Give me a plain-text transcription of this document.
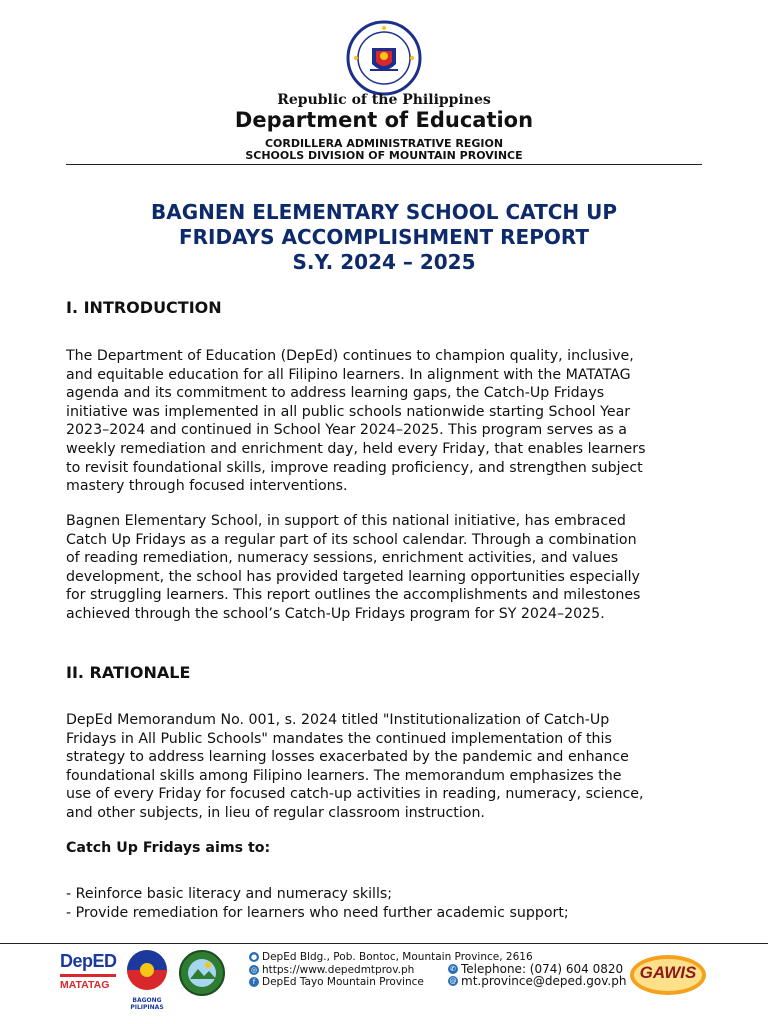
Republic of the Philippines
Department of Education
CORDILLERA ADMINISTRATIVE REGION
SCHOOLS DIVISION OF MOUNTAIN PROVINCE
BAGNEN ELEMENTARY SCHOOL CATCH UP
FRIDAYS ACCOMPLISHMENT REPORT
S.Y. 2024 – 2025
I. INTRODUCTION
The Department of Education (DepEd) continues to champion quality, inclusive,
and equitable education for all Filipino learners. In alignment with the MATATAG
agenda and its commitment to address learning gaps, the Catch-Up Fridays
initiative was implemented in all public schools nationwide starting School Year
2023–2024 and continued in School Year 2024–2025. This program serves as a
weekly remediation and enrichment day, held every Friday, that enables learners
to revisit foundational skills, improve reading proficiency, and strengthen subject
mastery through focused interventions.
Bagnen Elementary School, in support of this national initiative, has embraced
Catch Up Fridays as a regular part of its school calendar. Through a combination
of reading remediation, numeracy sessions, enrichment activities, and values
development, the school has provided targeted learning opportunities especially
for struggling learners. This report outlines the accomplishments and milestones
achieved through the school’s Catch-Up Fridays program for SY 2024–2025.
II. RATIONALE
DepEd Memorandum No. 001, s. 2024 titled "Institutionalization of Catch-Up
Fridays in All Public Schools" mandates the continued implementation of this
strategy to address learning losses exacerbated by the pandemic and enhance
foundational skills among Filipino learners. The memorandum emphasizes the
use of every Friday for focused catch-up activities in reading, numeracy, science,
and other subjects, in lieu of regular classroom instruction.
Catch Up Fridays aims to:
- Reinforce basic literacy and numeracy skills;
- Provide remediation for learners who need further academic support;
DepED
MATATAG
BAGONG PILIPINAS
● DepEd Bldg., Pob. Bontoc, Mountain Province, 2616
◎ https://www.depedmtprov.ph	✆ Telephone: (074) 604 0820
f DepEd Tayo Mountain Province	@ mt.province@deped.gov.ph GAWIS
